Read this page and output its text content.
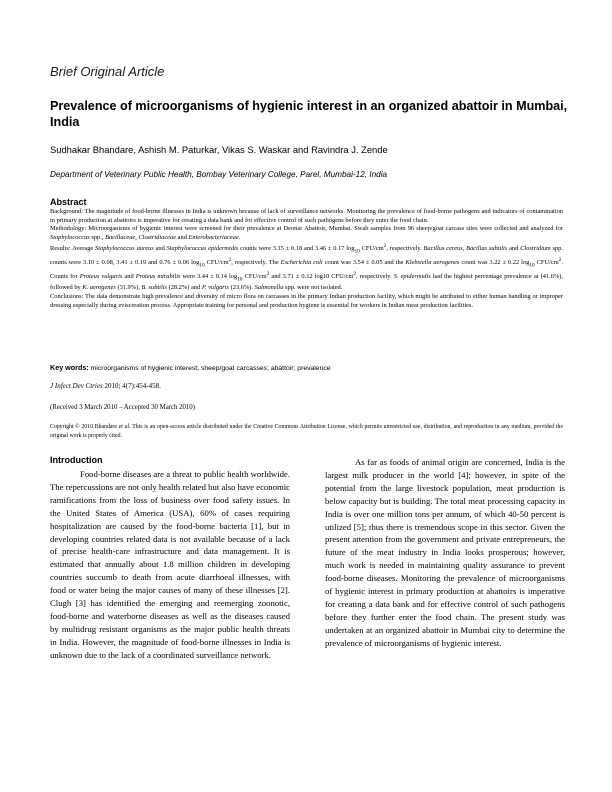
Brief Original Article
Prevalence of microorganisms of hygienic interest in an organized abattoir in Mumbai, India
Sudhakar Bhandare, Ashish M. Paturkar, Vikas S. Waskar and Ravindra J. Zende
Department of Veterinary Public Health, Bombay Veterinary College, Parel, Mumbai-12, India
Abstract

Background: The magnitude of food-borne illnesses in India is unknown because of lack of surveillance networks. Monitoring the prevalence of food-borne pathogens and indicators of contamination in primary production at abattoirs is imperative for creating a data bank and for effective control of such pathogens before they enter the food chain.

Methodology: Microorganisms of hygienic interest were screened for their prevalence at Deonar Abattoir, Mumbai. Swab samples from 96 sheep/goat carcass sites were collected and analyzed for Staphylococcus spp., Bacillaceae, Clostridiaceae and Enterobacteriaceae.

Results: Average Staphylococcus aureus and Staphylococcus epidermidis counts were 3.15 ± 0.18 and 3.46 ± 0.17 $\log_{10} CFU/cm^2$, respectively. Bacillus cereus, Bacillus subtilis and Clostridium spp. counts were 3.10 ± 0.08, 3.41 ± 0.19 and 0.76 ± 0.06 $\log_{10} CFU/cm^2$, respectively. The Escherichia coli count was 3.54 ± 0.05 and the Klebsiella aerogenes count was 3.22 ± 0.22 $\log_{10} CFU/cm^2$. Counts for Proteus vulgaris and Proteus mirabilis were 3.44 ± 0.14 $\log_{10} CFU/cm^2$ and 3.71 ± 0.12 log10 CFU/$cm^2$, respectively. S. epidermidis had the highest percentage prevalence at (41.6%), followed by K. aerogenes (31.9%), B. subtilis (28.2%) and P. vulgaris (23.6%). Salmonella spp. were not isolated.

Conclusions: The data demonstrate high prevalence and diversity of micro flora on carcasses in the primary Indian production facility, which might be attributed to either human handling or improper dressing especially during evisceration process. Appropriate training for personal and production hygiene is essential for workers in Indian meat production facilities.

Key words: microorganisms of hygienic interest; sheep/goat carcasses; abattoir; prevalence
J Infect Dev Ctries 2010; 4(7):454-458.
(Received 3 March 2010 – Accepted 30 March 2010)
Copyright © 2010 Bhandare et al. This is an open-access article distributed under the Creative Commons Attribution License, which permits unrestricted use, distribution, and reproduction in any medium, provided the original work is properly cited.
Introduction

Food-borne diseases are a threat to public health worldwide. The repercussions are not only health related but also have economic ramifications from the loss of business over food safety issues. In the United States of America (USA), 60% of cases requiring hospitalization are caused by the food-borne bacteria [1], but in developing countries related data is not available because of a lack of precise health-care infrastructure and data management. It is estimated that annually about 1.8 million children in developing countries succumb to death from acute diarrhoeal illnesses, with food or water being the major causes of many of these illnesses [2]. Clugh [3] has identified the emerging and reemerging zoonotic, food-borne and waterborne diseases as well as the diseases caused by multidrug resistant organisms as the major public health threats in India. However, the magnitude of food-borne illnesses in India is unknown due to the lack of a coordinated surveillance network.

As far as foods of animal origin are concerned, India is the largest milk producer in the world [4]; however, in spite of the potential from the large livestock population, meat production is below capacity but is building. The total meat processing capacity in India is over one million tons per annum, of which 40-50 percent is utilized [5]; thus there is tremendous scope in this sector. Given the present attention from the government and private entrepreneurs, the future of the meat industry in India looks prosperous; however, much work is needed in maintaining quality assurance to prevent food-borne diseases. Monitoring the prevalence of microorganisms of hygienic interest in primary production at abattoirs is imperative for creating a data bank and for effective control of such pathogens before they further enter the food chain. The present study was undertaken at an organized abattoir in Mumbai city to determine the prevalence of microorganisms of hygienic interest.
